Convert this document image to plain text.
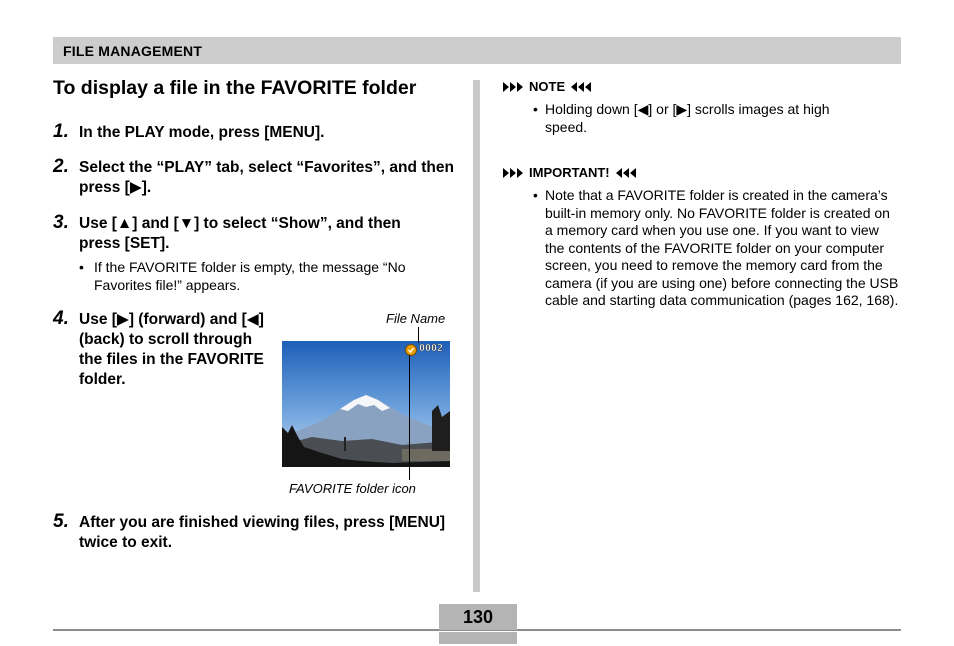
FILE MANAGEMENT
To display a file in the FAVORITE folder
1. In the PLAY mode, press [MENU].
2. Select the “PLAY” tab, select “Favorites”, and then press [▶].
3. Use [▲] and [▼] to select “Show”, and then press [SET].
• If the FAVORITE folder is empty, the message “No Favorites file!” appears.
4. Use [▶] (forward) and [◀] (back) to scroll through the files in the FAVORITE folder.
File Name
FAVORITE folder icon
0002
5. After you are finished viewing files, press [MENU] twice to exit.
NOTE
• Holding down [◀] or [▶] scrolls images at high speed.
IMPORTANT!
• Note that a FAVORITE folder is created in the camera’s built-in memory only. No FAVORITE folder is created on a memory card when you use one. If you want to view the contents of the FAVORITE folder on your computer screen, you need to remove the memory card from the camera (if you are using one) before connecting the USB cable and starting data communication (pages 162, 168).
130
